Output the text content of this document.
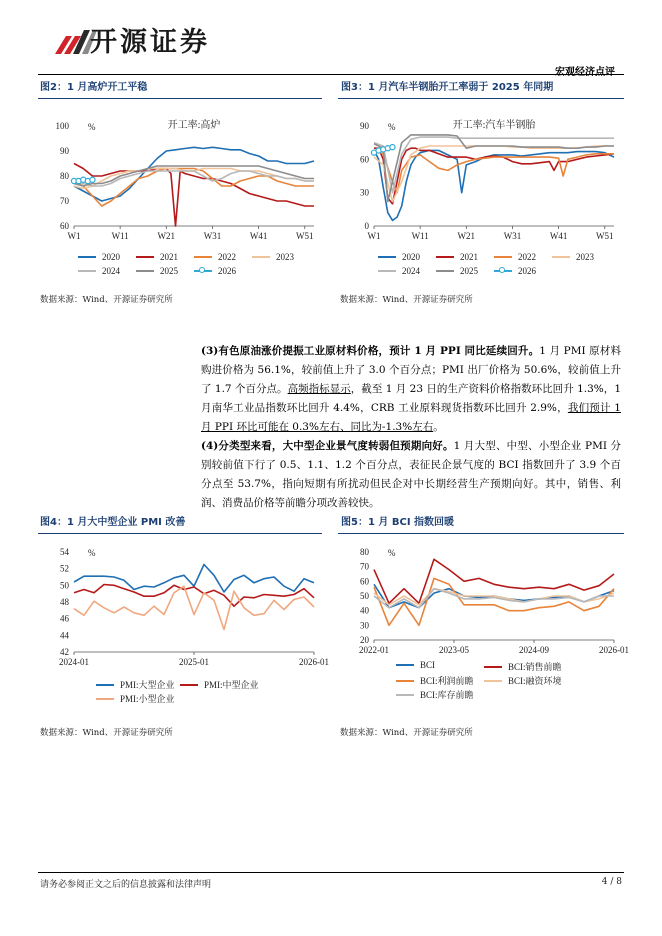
开源证券
宏观经济点评
图2：1 月高炉开工平稳	图3：1 月汽车半钢胎开工率弱于 2025 年同期
60
70
80
90
100 %	开工率:高炉
W1	W11	W21	W31	W41	W51
2020	2021	2022	2023
2024	2025	2026
数据来源：Wind、开源证券研究所
0
30
60
90 %	开工率:汽车半钢胎
W1	W11	W21	W31	W41	W51
2020	2021	2022	2023
2024	2025	2026
数据来源：Wind、开源证券研究所
(3)有色原油涨价提振工业原材料价格，预计 1 月 PPI 同比延续回升。1 月 PMI 原材料购进价格为 56.1%，较前值上升了 3.0 个百分点；PMI 出厂价格为 50.6%，较前值上升了 1.7 个百分点。高频指标显示，截至 1 月 23 日的生产资料价格指数环比回升 1.3%，1 月南华工业品指数环比回升 4.4%，CRB 工业原料现货指数环比回升 2.9%，我们预计 1 月 PPI 环比可能在 0.3%左右、同比为-1.3%左右。
(4)分类型来看，大中型企业景气度转弱但预期向好。1 月大型、中型、小型企业 PMI 分别较前值下行了 0.5、1.1、1.2 个百分点，表征民企景气度的 BCI 指数回升了 3.9 个百分点至 53.7%，指向短期有所扰动但民企对中长期经营生产预期向好。其中，销售、利润、消费品价格等前瞻分项改善较快。
图4：1 月大中型企业 PMI 改善	图5：1 月 BCI 指数回暖
42
44
46
48
50
52
54 %
2024-01	2025-01	2026-01
PMI:大型企业	PMI:中型企业
PMI:小型企业
数据来源：Wind、开源证券研究所
20
30
40
50
60
70
80 %
2022-01	2023-05	2024-09	2026-01
BCI	BCI:销售前瞻
BCI:利润前瞻	BCI:融资环境
BCI:库存前瞻
数据来源：Wind、开源证券研究所
请务必参阅正文之后的信息披露和法律声明	4 / 8
